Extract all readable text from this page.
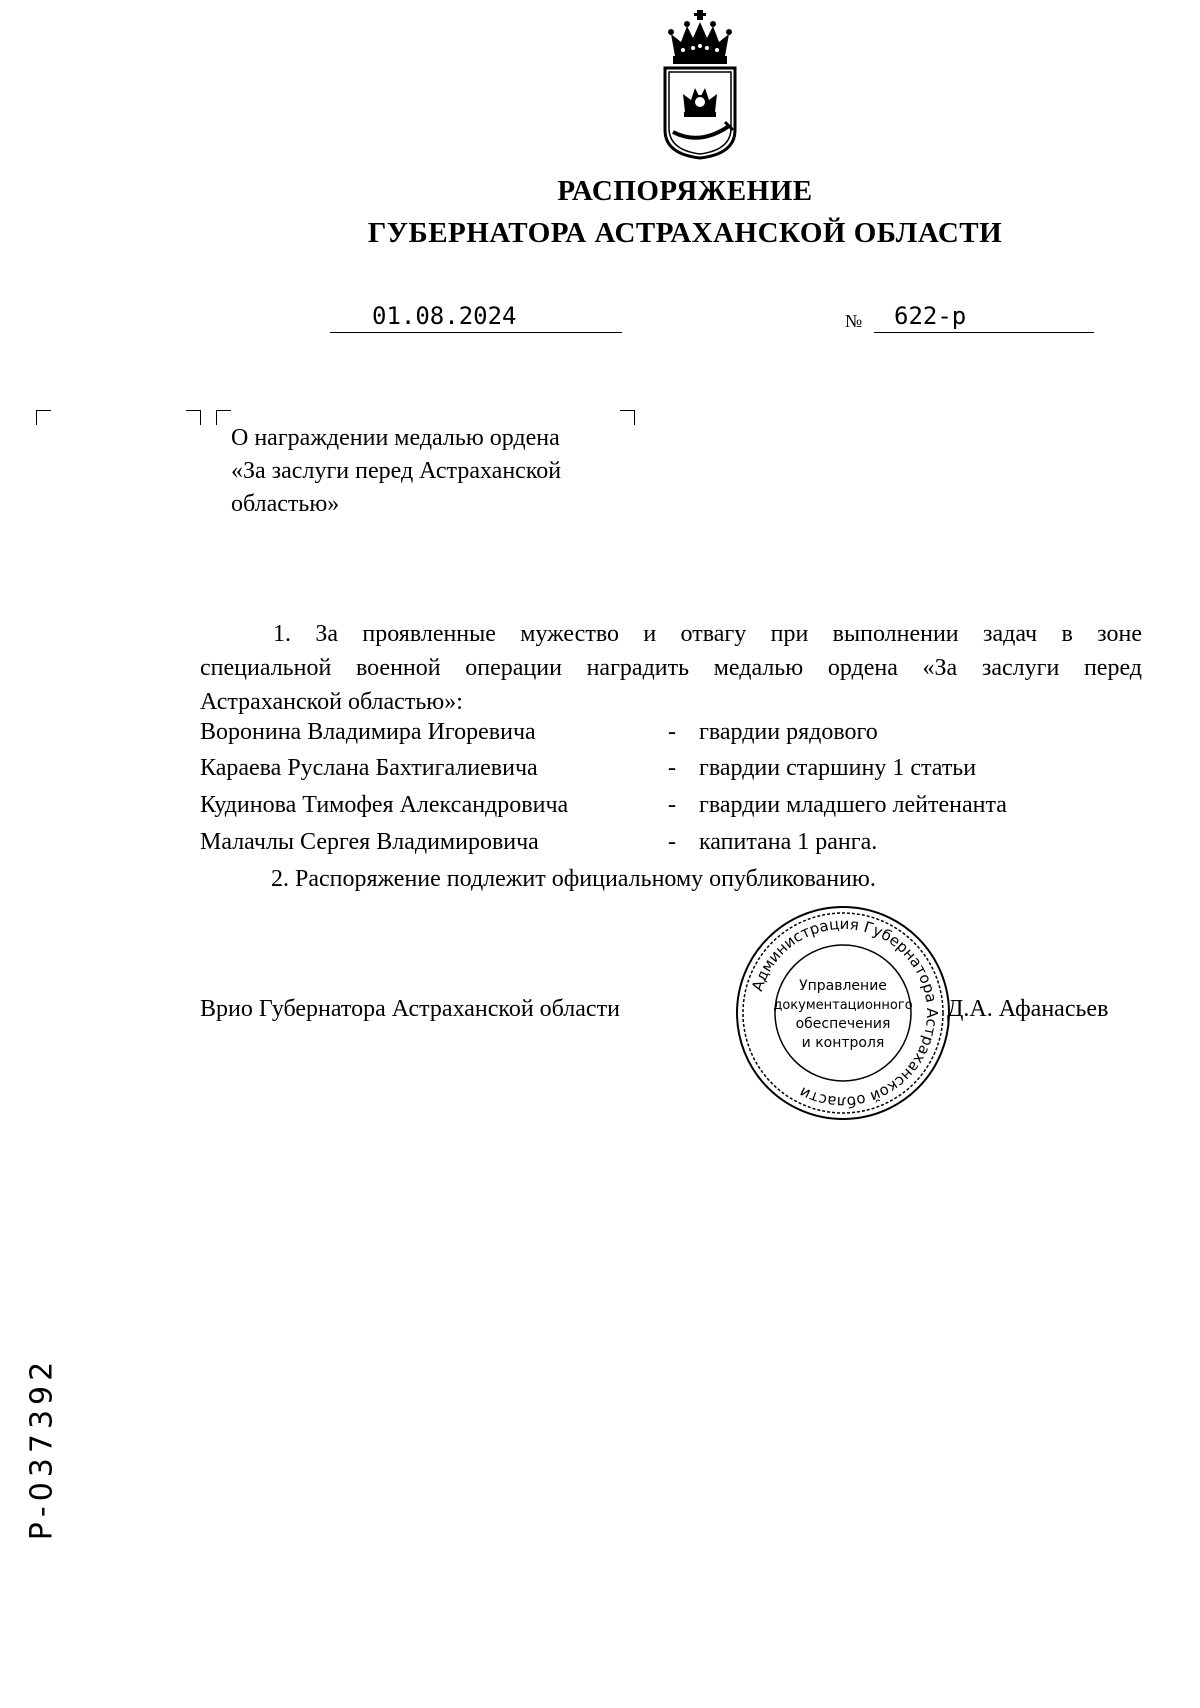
РАСПОРЯЖЕНИЕ
ГУБЕРНАТОРА АСТРАХАНСКОЙ ОБЛАСТИ
01.08.2024	№ 622-р
О награждении медалью ордена
«За заслуги перед Астраханской
областью»
1. За проявленные мужество и отвагу при выполнении задач в зоне
специальной военной операции наградить медалью ордена «За заслуги перед
Астраханской областью»:
Воронина Владимира Игоревича	- гвардии рядового
Караева Руслана Бахтигалиевича	- гвардии старшину 1 статьи
Кудинова Тимофея Александровича	- гвардии младшего лейтенанта
Малачлы Сергея Владимировича	- капитана 1 ранга.
2. Распоряжение подлежит официальному опубликованию.
Администрация Губернатора Астраханской области
Управление
документационного
обеспечения
и контроля
Врио Губернатора Астраханской области	Д.А. Афанасьев
Р-037392
